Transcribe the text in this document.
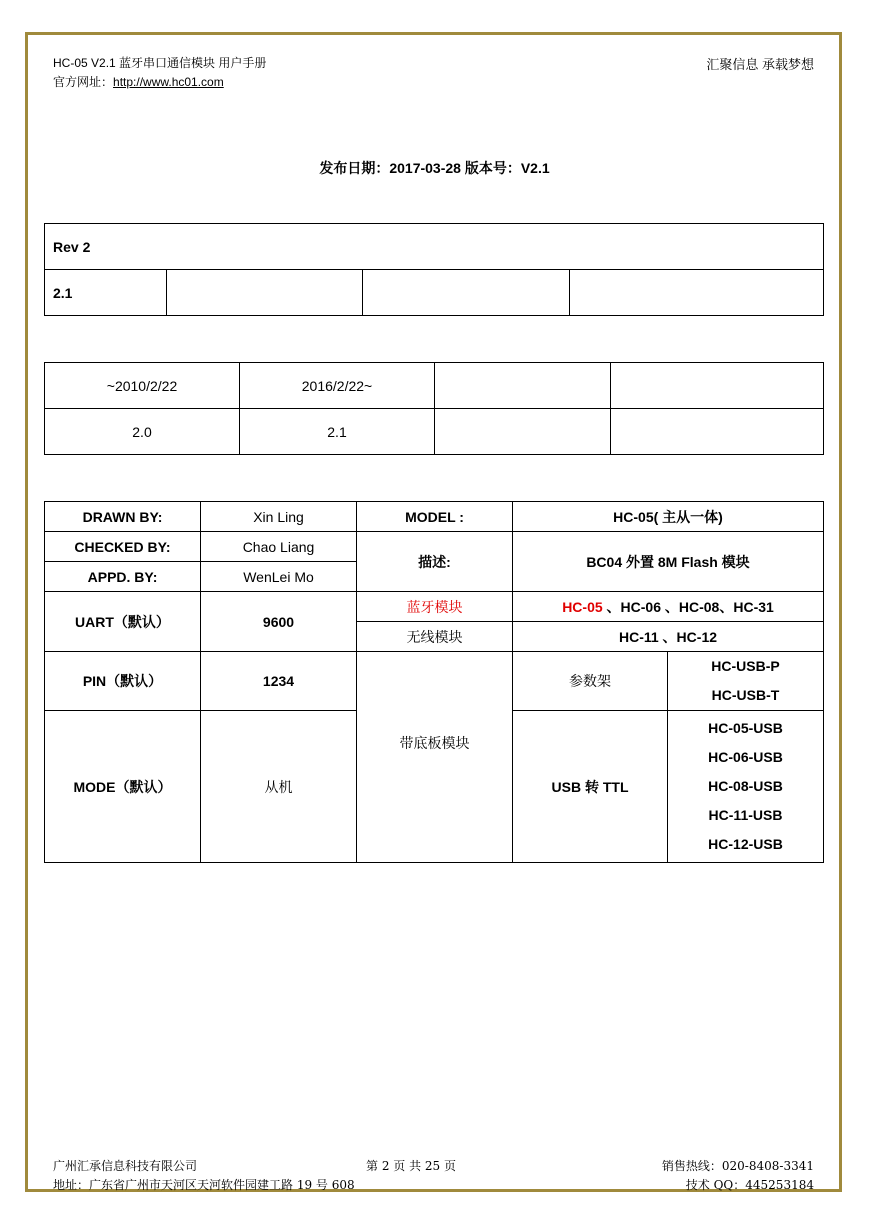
HC-05 V2.1 蓝牙串口通信模块 用户手册
官方网址：http://www.hc01.com
汇聚信息 承载梦想
发布日期：2017-03-28 版本号：V2.1
Rev 2
2.1			
~2010/2/22	2016/2/22~		
2.0	2.1		
DRAWN BY:	Xin Ling	MODEL :	HC-05( 主从一体)	
CHECKED BY:	Chao Liang	描述:	BC04 外置 8M Flash 模块	
APPD. BY:	WenLei Mo			
UART（默认）	9600	蓝牙模块	HC-05 、HC-06 、HC-08、HC-31	
		无线模块	HC-11 、HC-12	
PIN（默认）	1234	带底板模块	参数架	HC-USB-P
HC-USB-T

MODE（默认）	从机		USB 转 TTL	HC-05-USB
HC-06-USB
HC-08-USB
HC-11-USB
HC-12-USB
广州汇承信息科技有限公司
地址：广东省广州市天河区天河软件园建工路 19 号 608
第 2 页 共 25 页	销售热线：020-8408-3341
技术 QQ：445253184
